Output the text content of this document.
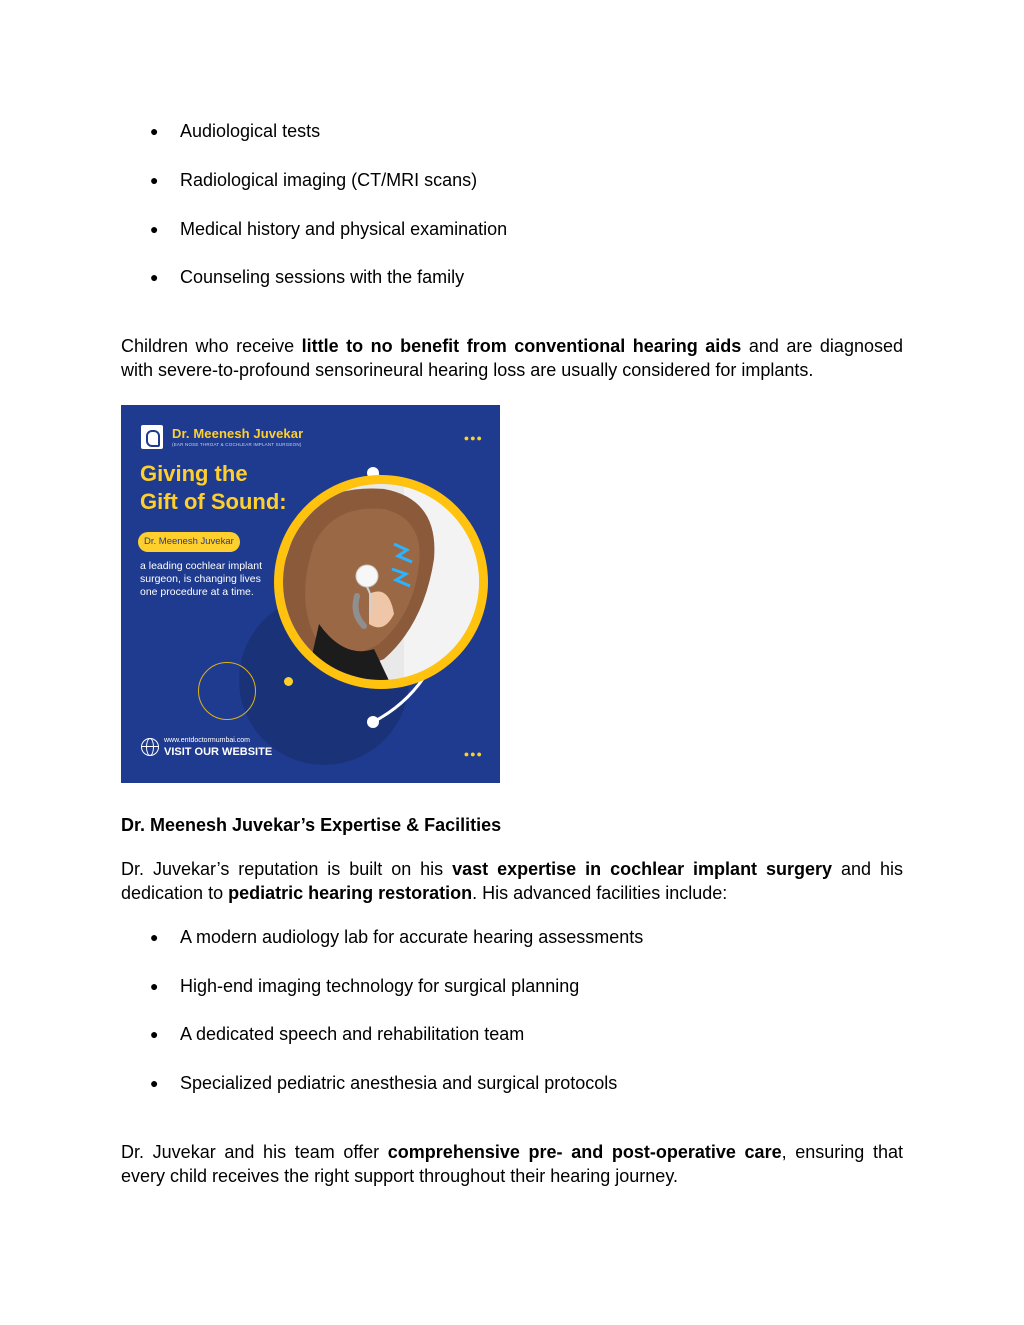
● Audiological tests
● Radiological imaging (CT/MRI scans)
● Medical history and physical examination
● Counseling sessions with the family

Children who receive little to no benefit from conventional hearing aids and are diagnosed with severe-to-profound sensorineural hearing loss are usually considered for implants.

Dr. Meenesh Juvekar
(EAR NOSE THROAT & COCHLEAR IMPLANT SURGEON)
●●●
Giving the
Gift of Sound:
Dr. Meenesh Juvekar
a leading cochlear implant surgeon, is changing lives one procedure at a time.
www.entdoctormumbai.com
VISIT OUR WEBSITE	●●●
Dr. Meenesh Juvekar’s Expertise & Facilities

Dr. Juvekar’s reputation is built on his vast expertise in cochlear implant surgery and his dedication to pediatric hearing restoration. His advanced facilities include:

● A modern audiology lab for accurate hearing assessments
● High-end imaging technology for surgical planning
● A dedicated speech and rehabilitation team
● Specialized pediatric anesthesia and surgical protocols

Dr. Juvekar and his team offer comprehensive pre- and post-operative care, ensuring that every child receives the right support throughout their hearing journey.
